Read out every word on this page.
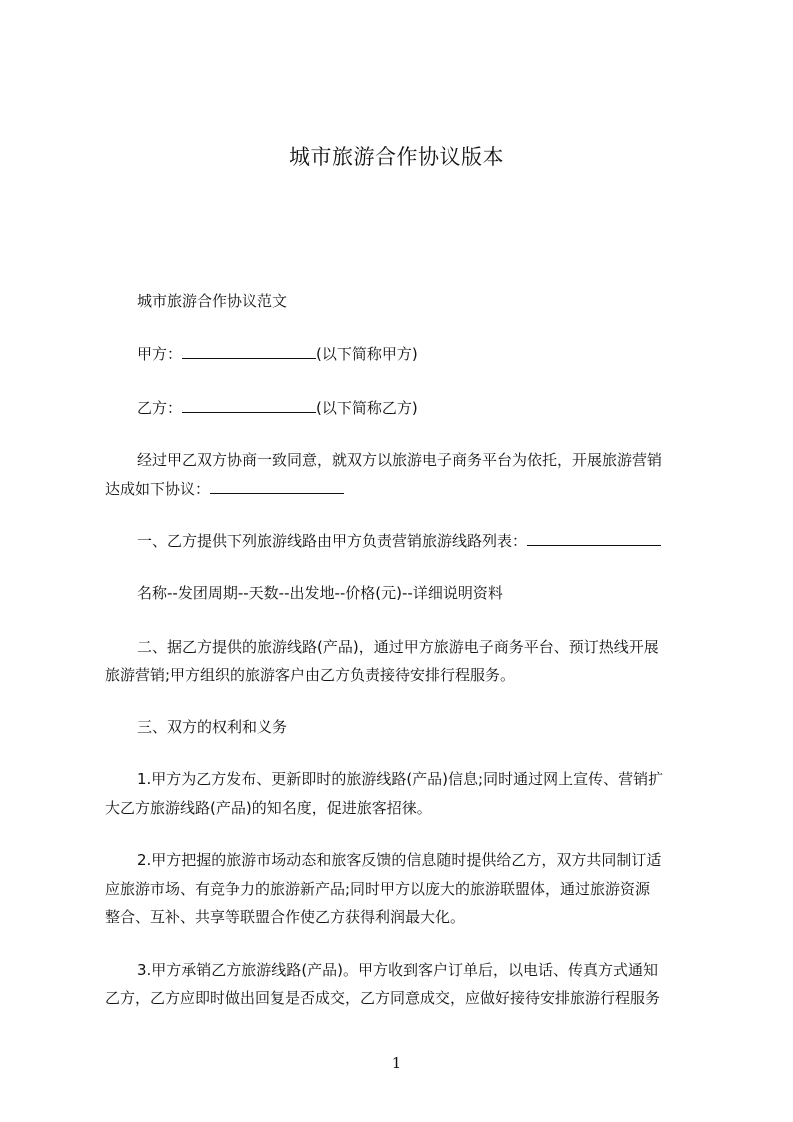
城市旅游合作协议版本

城市旅游合作协议范文

甲方：	(以下简称甲方)

乙方：	(以下简称乙方)

经过甲乙双方协商一致同意，就双方以旅游电子商务平台为依托，开展旅游营销

达成如下协议：

一、乙方提供下列旅游线路由甲方负责营销旅游线路列表：

名称--发团周期--天数--出发地--价格(元)--详细说明资料

二、据乙方提供的旅游线路(产品)，通过甲方旅游电子商务平台、预订热线开展

旅游营销;甲方组织的旅游客户由乙方负责接待安排行程服务。

三、双方的权利和义务

1.甲方为乙方发布、更新即时的旅游线路(产品)信息;同时通过网上宣传、营销扩

大乙方旅游线路(产品)的知名度，促进旅客招徕。

2.甲方把握的旅游市场动态和旅客反馈的信息随时提供给乙方，双方共同制订适

应旅游市场、有竞争力的旅游新产品;同时甲方以庞大的旅游联盟体，通过旅游资源

整合、互补、共享等联盟合作使乙方获得利润最大化。

3.甲方承销乙方旅游线路(产品)。甲方收到客户订单后，以电话、传真方式通知

乙方，乙方应即时做出回复是否成交，乙方同意成交，应做好接待安排旅游行程服务

1
